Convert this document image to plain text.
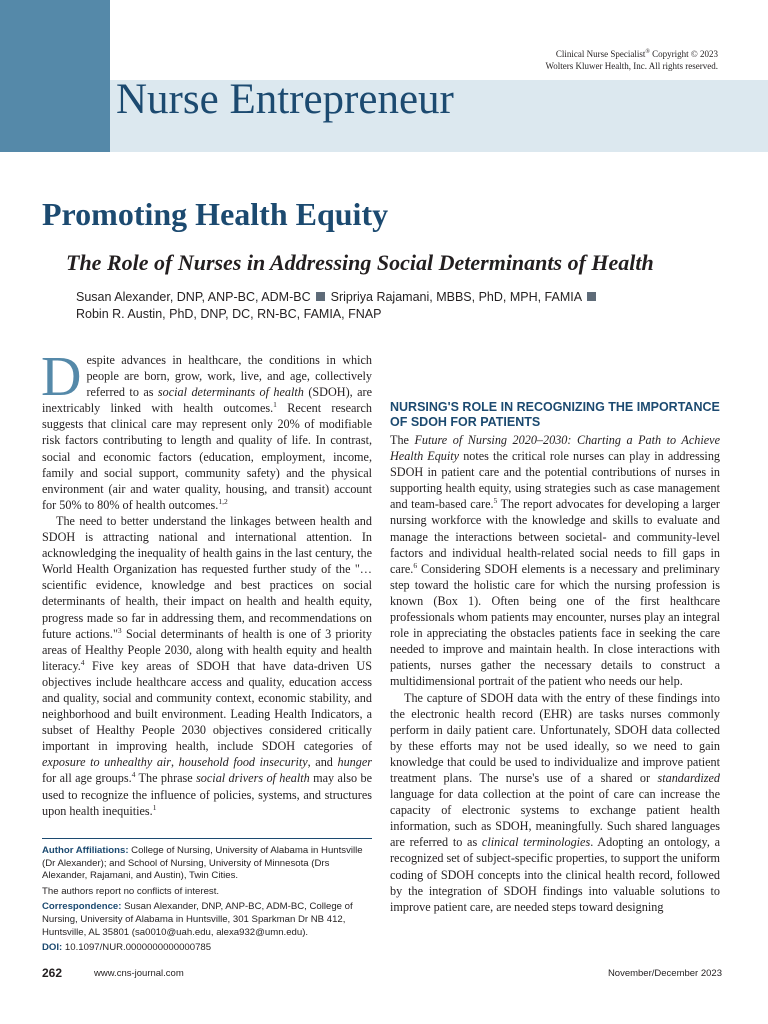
Nurse Entrepreneur
Clinical Nurse Specialist® Copyright © 2023
Wolters Kluwer Health, Inc. All rights reserved.
Promoting Health Equity
The Role of Nurses in Addressing Social Determinants of Health
Susan Alexander, DNP, ANP-BC, ADM-BC Sripriya Rajamani, MBBS, PhD, MPH, FAMIA
Robin R. Austin, PhD, DNP, DC, RN-BC, FAMIA, FNAP

Despite advances in healthcare, the conditions in which people are born, grow, work, live, and age, collectively referred to as social determinants of health (SDOH), are inextricably linked with health outcomes.$^1$ Recent research suggests that clinical care may represent only 20% of modifiable risk factors contributing to length and quality of life. In contrast, social and economic factors (education, employment, income, family and social support, community safety) and the physical environment (air and water quality, housing, and transit) account for 50% to 80% of health outcomes.$^{1,2}$

The need to better understand the linkages between health and SDOH is attracting national and international attention. In acknowledging the inequality of health gains in the last century, the World Health Organization has requested further study of the "…scientific evidence, knowledge and best practices on social determinants of health, their impact on health and health equity, progress made so far in addressing them, and recommendations on future actions."$^3$ Social determinants of health is one of 3 priority areas of Healthy People 2030, along with health equity and health literacy.$^4$ Five key areas of SDOH that have data-driven US objectives include healthcare access and quality, education access and quality, social and community context, economic stability, and neighborhood and built environment. Leading Health Indicators, a subset of Healthy People 2030 objectives considered critically important in improving health, include SDOH categories of exposure to unhealthy air, household food insecurity, and hunger for all age groups.$^4$ The phrase social drivers of health may also be used to recognize the influence of policies, systems, and structures upon health inequities.$^1$

Author Affiliations: College of Nursing, University of Alabama in Huntsville (Dr Alexander); and School of Nursing, University of Minnesota (Drs Alexander, Rajamani, and Austin), Twin Cities.

The authors report no conflicts of interest.

Correspondence: Susan Alexander, DNP, ANP-BC, ADM-BC, College of Nursing, University of Alabama in Huntsville, 301 Sparkman Dr NB 412, Huntsville, AL 35801 (sa0010@uah.edu, alexa932@umn.edu).

DOI: 10.1097/NUR.0000000000000785

NURSING'S ROLE IN RECOGNIZING THE IMPORTANCE OF SDOH FOR PATIENTS

The Future of Nursing 2020–2030: Charting a Path to Achieve Health Equity notes the critical role nurses can play in addressing SDOH in patient care and the potential contributions of nurses in supporting health equity, using strategies such as case management and team-based care.$^5$ The report advocates for developing a larger nursing workforce with the knowledge and skills to evaluate and manage the interactions between societal- and community-level factors and individual health-related social needs to fill gaps in care.$^6$ Considering SDOH elements is a necessary and preliminary step toward the holistic care for which the nursing profession is known (Box 1). Often being one of the first healthcare professionals whom patients may encounter, nurses play an integral role in appreciating the obstacles patients face in seeking the care needed to improve and maintain health. In close interactions with patients, nurses gather the necessary details to construct a multidimensional portrait of the patient who needs our help.

The capture of SDOH data with the entry of these findings into the electronic health record (EHR) are tasks nurses commonly perform in daily patient care. Unfortunately, SDOH data collected by these efforts may not be used ideally, so we need to gain knowledge that could be used to individualize and improve patient treatment plans. The nurse's use of a shared or standardized language for data collection at the point of care can increase the capacity of electronic systems to exchange patient health information, such as SDOH, meaningfully. Such shared languages are referred to as clinical terminologies. Adopting an ontology, a recognized set of subject-specific properties, to support the uniform coding of SDOH concepts into the clinical health record, followed by the integration of SDOH findings into valuable solutions to improve patient care, are needed steps toward designing

262	www.cns-journal.com	November/December 2023
